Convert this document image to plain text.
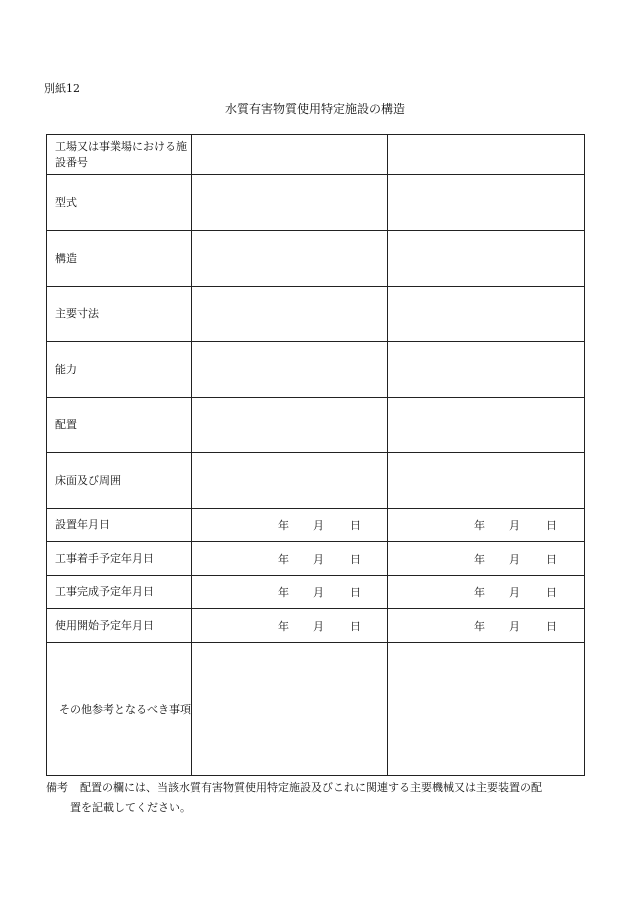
別紙12
水質有害物質使用特定施設の構造
工場又は事業場における施設番号		
型式		
構造		
主要寸法		
能力		
配置		
床面及び周囲		
設置年月日	年 月 日	年 月 日

工事着手予定年月日	年 月 日	年 月 日

工事完成予定年月日	年 月 日	年 月 日

使用開始予定年月日	年 月 日	年 月 日

その他参考となるべき事項		
備考 配置の欄には、当該水質有害物質使用特定施設及びこれに関連する主要機械又は主要装置の配
置を記載してください。
